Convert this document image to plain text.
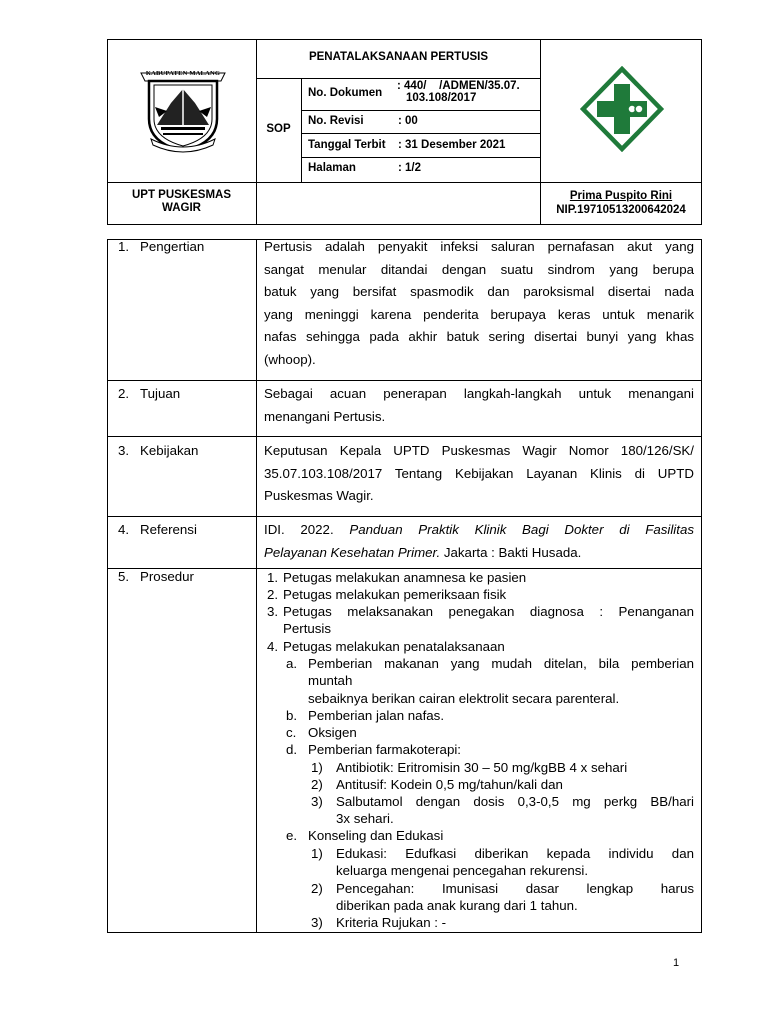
KABUPATEN MALANG
PENATALAKSANAAN PERTUSIS
SOP
No. Dokumen
: 440/    /ADMEN/35.07.
103.108/2017
No. Revisi	: 00
Tanggal Terbit : 31 Desember 2021
Halaman	: 1/2
UPT PUSKESMAS
WAGIR
Prima Puspito Rini
NIP.19710513200642024
1. Pengertian
2. Tujuan
3. Kebijakan
4. Referensi
5. Prosedur
Pertusis adalah penyakit infeksi saluran pernafasan akut yang
sangat menular ditandai dengan suatu sindrom yang berupa
batuk yang bersifat spasmodik dan paroksismal disertai nada
yang meninggi karena penderita berupaya keras untuk menarik
nafas sehingga pada akhir batuk sering disertai bunyi yang khas
(whoop).
Sebagai acuan penerapan langkah-langkah untuk menangani
menangani Pertusis.
Keputusan Kepala UPTD Puskesmas Wagir Nomor 180/126/SK/
35.07.103.108/2017 Tentang Kebijakan Layanan Klinis di UPTD
Puskesmas Wagir.
IDI. 2022. Panduan Praktik Klinik Bagi Dokter di Fasilitas
Pelayanan Kesehatan Primer. Jakarta : Bakti Husada.
1. Petugas melakukan anamnesa ke pasien
2. Petugas melakukan pemeriksaan fisik
3. Petugas melaksanakan penegakan diagnosa : Penanganan
Pertusis
4. Petugas melakukan penatalaksanaan
a. Pemberian makanan yang mudah ditelan, bila pemberian
muntah
sebaiknya berikan cairan elektrolit secara parenteral.
b. Pemberian jalan nafas.
c. Oksigen
d. Pemberian farmakoterapi:
1) Antibiotik: Eritromisin 30 – 50 mg/kgBB 4 x sehari
2) Antitusif: Kodein 0,5 mg/tahun/kali dan
3) Salbutamol dengan dosis 0,3-0,5 mg perkg BB/hari
3x sehari.
e. Konseling dan Edukasi
1) Edukasi: Edufkasi diberikan kepada individu dan
keluarga mengenai pencegahan rekurensi.
2) Pencegahan:  Imunisasi  dasar  lengkap  harus
diberikan pada anak kurang dari 1 tahun.
3) Kriteria Rujukan : -
1
